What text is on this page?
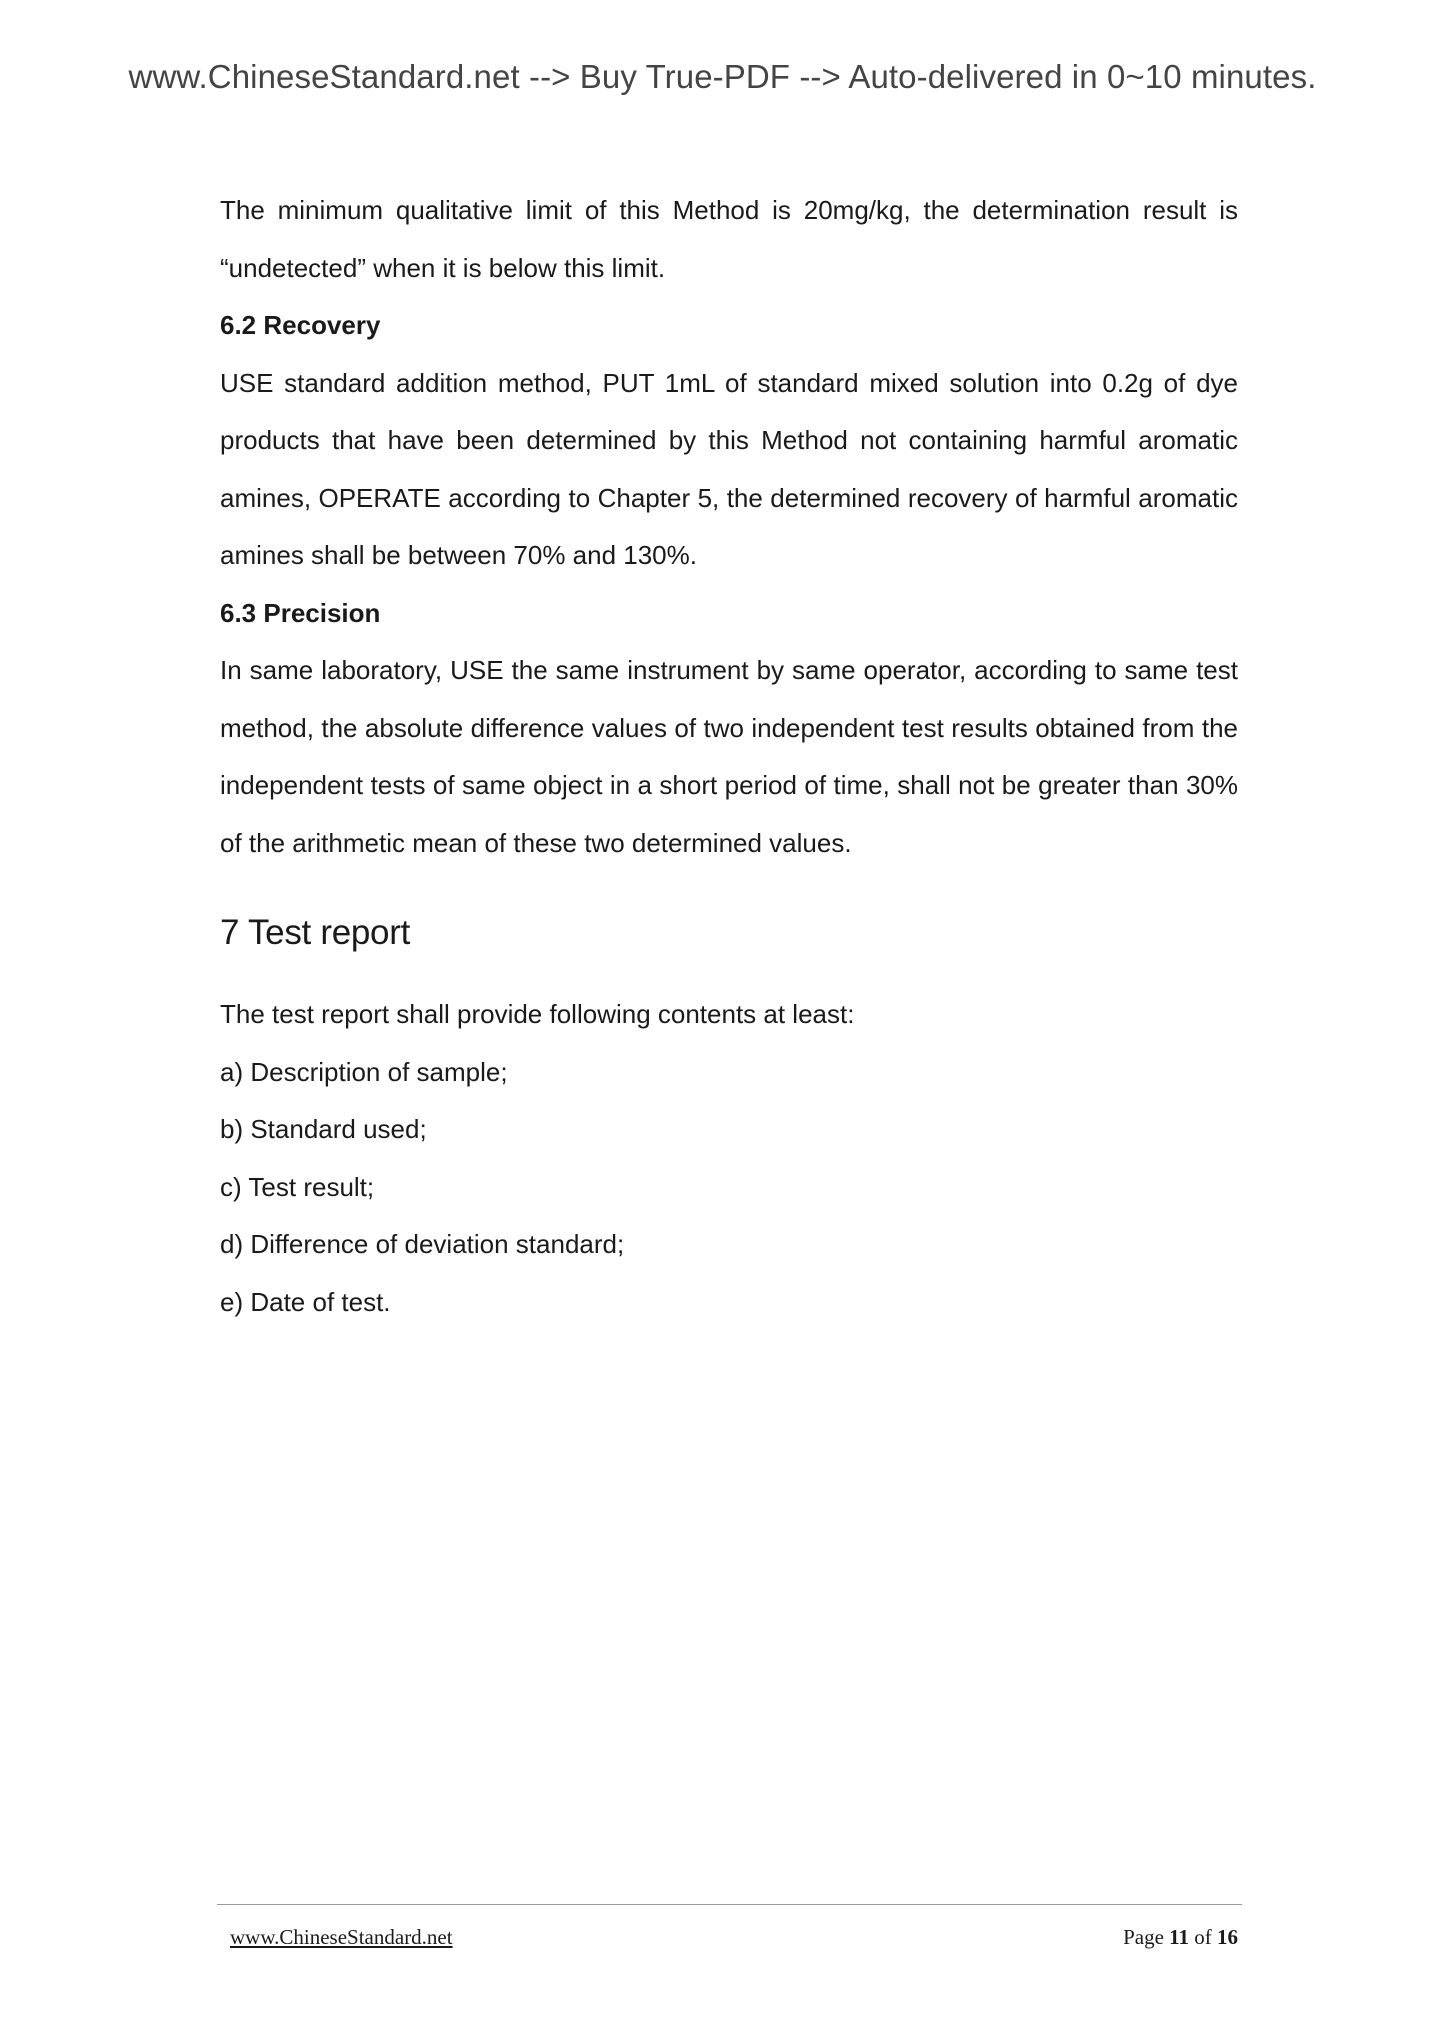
www.ChineseStandard.net --> Buy True-PDF --> Auto-delivered in 0~10 minutes.

The minimum qualitative limit of this Method is 20mg/kg, the determination result is “undetected” when it is below this limit.

6.2 Recovery

USE standard addition method, PUT 1mL of standard mixed solution into 0.2g of dye products that have been determined by this Method not containing harmful aromatic amines, OPERATE according to Chapter 5, the determined recovery of harmful aromatic amines shall be between 70% and 130%.

6.3 Precision

In same laboratory, USE the same instrument by same operator, according to same test method, the absolute difference values of two independent test results obtained from the independent tests of same object in a short period of time, shall not be greater than 30% of the arithmetic mean of these two determined values.

7 Test report

The test report shall provide following contents at least:

a) Description of sample;

b) Standard used;

c) Test result;

d) Difference of deviation standard;

e) Date of test.

www.ChineseStandard.net	Page 11 of 16
